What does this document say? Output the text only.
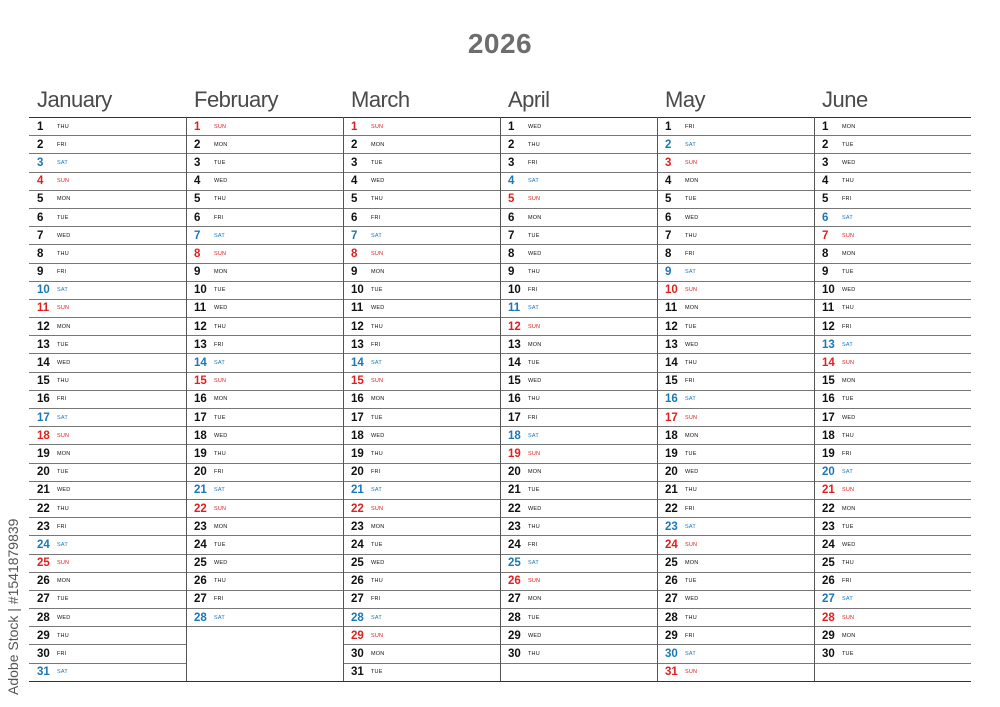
2026
January
1	THU
2	FRI
3	SAT
4	SUN
5	MON
6	TUE
7	WED
8	THU
9	FRI
10 SAT
11	SUN
12 MON
13 TUE
14 WED
15 THU
16 FRI
17 SAT
18 SUN
19 MON
20 TUE
21 WED
22 THU
23 FRI
24 SAT
25 SUN
26 MON
27 TUE
28 WED
29 THU
30 FRI
31 SAT
February
1	SUN
2	MON
3	TUE
4	WED
5	THU
6	FRI
7	SAT
8	SUN
9	MON
10 TUE
11	WED
12 THU
13 FRI
14 SAT
15 SUN
16 MON
17 TUE
18 WED
19 THU
20 FRI
21 SAT
22 SUN
23 MON
24 TUE
25 WED
26 THU
27 FRI
28 SAT
March
1	SUN
2	MON
3	TUE
4	WED
5	THU
6	FRI
7	SAT
8	SUN
9	MON
10 TUE
11	WED
12 THU
13 FRI
14 SAT
15 SUN
16 MON
17 TUE
18 WED
19 THU
20 FRI
21 SAT
22 SUN
23 MON
24 TUE
25 WED
26 THU
27 FRI
28 SAT
29 SUN
30 MON
31 TUE
April
1	WED
2	THU
3	FRI
4	SAT
5	SUN
6	MON
7	TUE
8	WED
9	THU
10 FRI
11	SAT
12 SUN
13 MON
14 TUE
15 WED
16 THU
17 FRI
18 SAT
19 SUN
20 MON
21 TUE
22 WED
23 THU
24 FRI
25 SAT
26 SUN
27 MON
28 TUE
29 WED
30 THU
May
1	FRI
2	SAT
3	SUN
4	MON
5	TUE
6	WED
7	THU
8	FRI
9	SAT
10 SUN
11	MON
12 TUE
13 WED
14 THU
15 FRI
16 SAT
17 SUN
18 MON
19 TUE
20 WED
21 THU
22 FRI
23 SAT
24 SUN
25 MON
26 TUE
27 WED
28 THU
29 FRI
30 SAT
31 SUN
June
1	MON
2	TUE
3	WED
4	THU
5	FRI
6	SAT
7	SUN
8	MON
9	TUE
10 WED
11	THU
12 FRI
13 SAT
14 SUN
15 MON
16 TUE
17 WED
18 THU
19 FRI
20 SAT
21 SUN
22 MON
23 TUE
24 WED
25 THU
26 FRI
27 SAT
28 SUN
29 MON
30 TUE
Adobe Stock | #1541879839
